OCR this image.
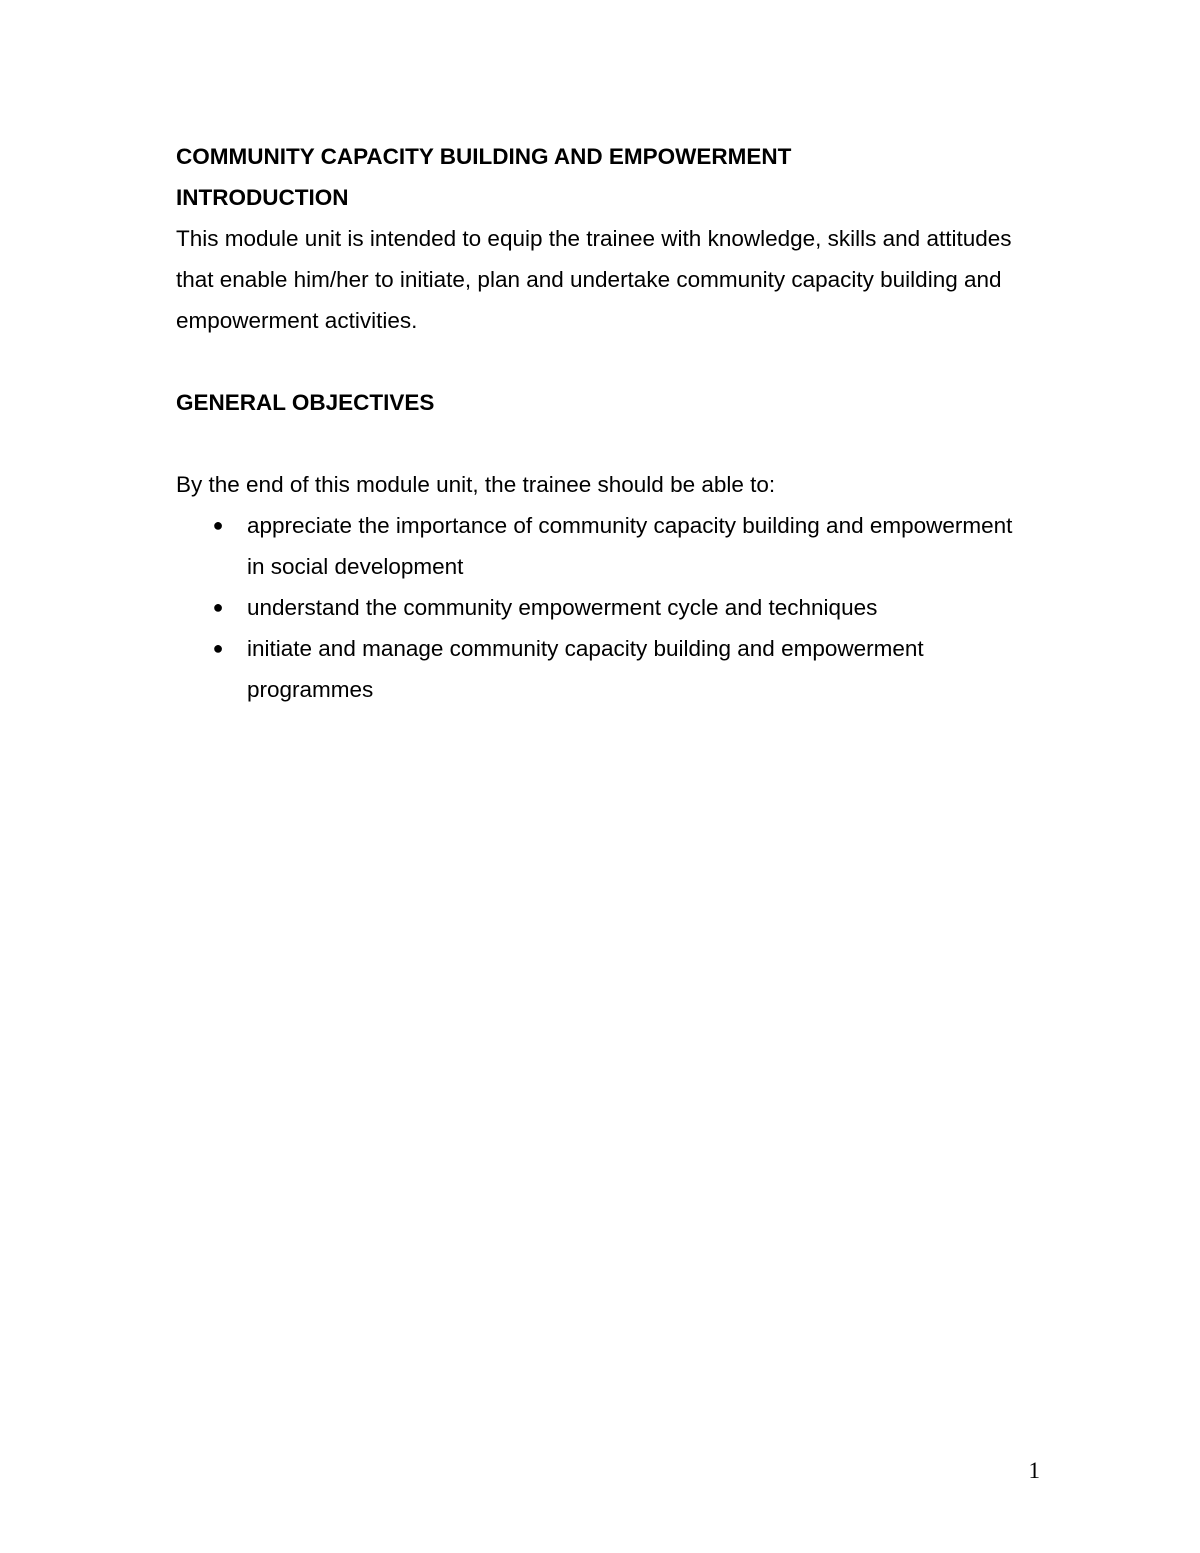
COMMUNITY CAPACITY BUILDING AND EMPOWERMENT

INTRODUCTION

This module unit is intended to equip the trainee with knowledge, skills and attitudes that enable him/her to initiate, plan and undertake community capacity building and empowerment activities.

GENERAL OBJECTIVES

By the end of this module unit, the trainee should be able to:

● appreciate the importance of community capacity building and empowerment in social development
● understand the community empowerment cycle and techniques
● initiate and manage community capacity building and empowerment programmes
1
